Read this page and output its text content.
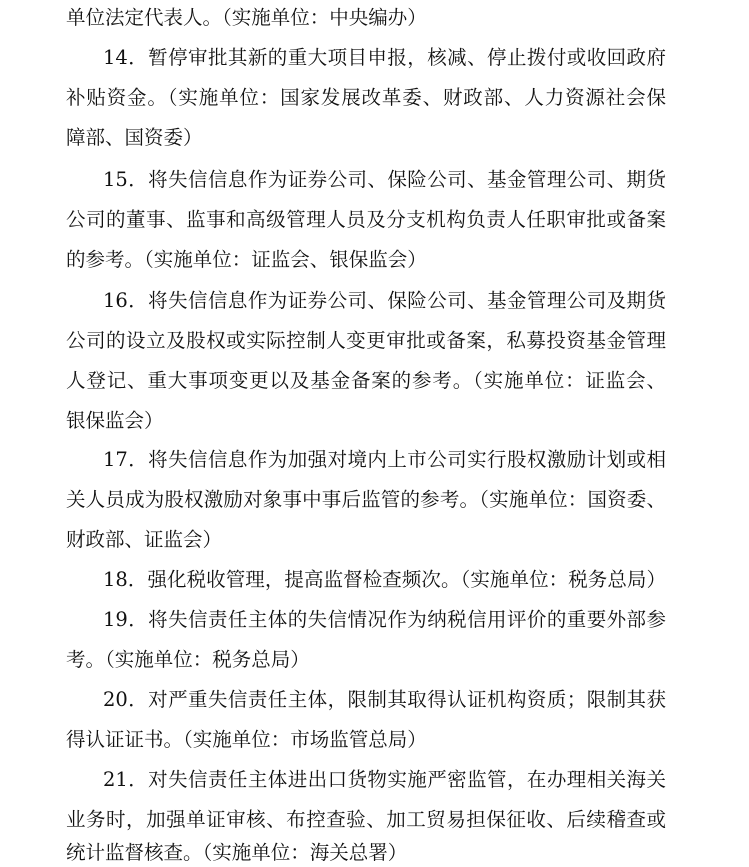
单位法定代表人。（实施单位：中央编办）
14．暂停审批其新的重大项目申报，核减、停止拨付或收回政府
补贴资金。（实施单位：国家发展改革委、财政部、人力资源社会保
障部、国资委）
15．将失信信息作为证券公司、保险公司、基金管理公司、期货
公司的董事、监事和高级管理人员及分支机构负责人任职审批或备案
的参考。（实施单位：证监会、银保监会）
16．将失信信息作为证券公司、保险公司、基金管理公司及期货
公司的设立及股权或实际控制人变更审批或备案，私募投资基金管理
人登记、重大事项变更以及基金备案的参考。（实施单位：证监会、
银保监会）
17．将失信信息作为加强对境内上市公司实行股权激励计划或相
关人员成为股权激励对象事中事后监管的参考。（实施单位：国资委、
财政部、证监会）
18．强化税收管理，提高监督检查频次。（实施单位：税务总局）
19．将失信责任主体的失信情况作为纳税信用评价的重要外部参
考。（实施单位：税务总局）
20．对严重失信责任主体，限制其取得认证机构资质；限制其获
得认证证书。（实施单位：市场监管总局）
21．对失信责任主体进出口货物实施严密监管，在办理相关海关
业务时，加强单证审核、布控查验、加工贸易担保征收、后续稽查或
统计监督核查。（实施单位：海关总署）
